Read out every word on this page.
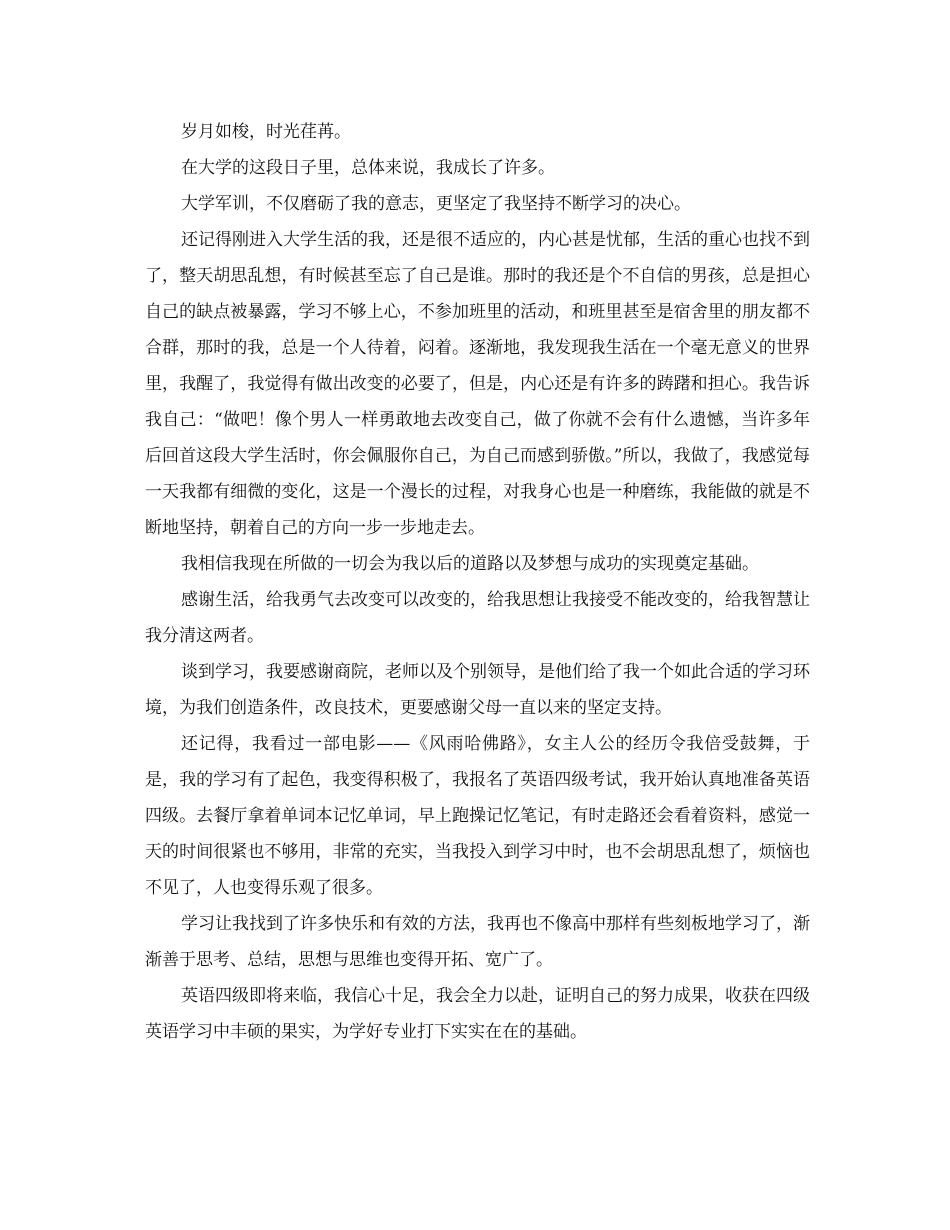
岁月如梭，时光荏苒。

在大学的这段日子里，总体来说，我成长了许多。

大学军训，不仅磨砺了我的意志，更坚定了我坚持不断学习的决心。

还记得刚进入大学生活的我，还是很不适应的，内心甚是忧郁，生活的重心也找不到了，整天胡思乱想，有时候甚至忘了自己是谁。那时的我还是个不自信的男孩，总是担心自己的缺点被暴露，学习不够上心，不参加班里的活动，和班里甚至是宿舍里的朋友都不合群，那时的我，总是一个人待着，闷着。逐渐地，我发现我生活在一个毫无意义的世界里，我醒了，我觉得有做出改变的必要了，但是，内心还是有许多的踌躇和担心。我告诉我自己：“做吧！像个男人一样勇敢地去改变自己，做了你就不会有什么遗憾，当许多年后回首这段大学生活时，你会佩服你自己，为自己而感到骄傲。”所以，我做了，我感觉每一天我都有细微的变化，这是一个漫长的过程，对我身心也是一种磨练，我能做的就是不断地坚持，朝着自己的方向一步一步地走去。

我相信我现在所做的一切会为我以后的道路以及梦想与成功的实现奠定基础。

感谢生活，给我勇气去改变可以改变的，给我思想让我接受不能改变的，给我智慧让我分清这两者。

谈到学习，我要感谢商院，老师以及个别领导，是他们给了我一个如此合适的学习环境，为我们创造条件，改良技术，更要感谢父母一直以来的坚定支持。

还记得，我看过一部电影——《风雨哈佛路》，女主人公的经历令我倍受鼓舞，于是，我的学习有了起色，我变得积极了，我报名了英语四级考试，我开始认真地准备英语四级。去餐厅拿着单词本记忆单词，早上跑操记忆笔记，有时走路还会看着资料，感觉一天的时间很紧也不够用，非常的充实，当我投入到学习中时，也不会胡思乱想了，烦恼也不见了，人也变得乐观了很多。

学习让我找到了许多快乐和有效的方法，我再也不像高中那样有些刻板地学习了，渐渐善于思考、总结，思想与思维也变得开拓、宽广了。

英语四级即将来临，我信心十足，我会全力以赴，证明自己的努力成果，收获在四级英语学习中丰硕的果实，为学好专业打下实实在在的基础。
